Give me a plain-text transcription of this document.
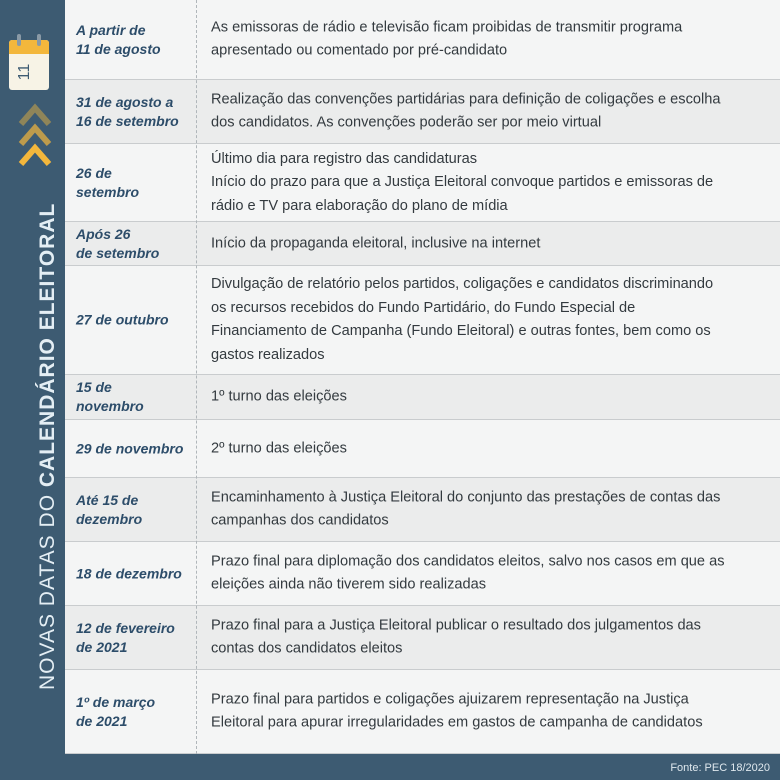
11
NOVAS DATAS DO CALENDÁRIO ELEITORAL
A partir de
11 de agosto
As emissoras de rádio e televisão ficam proibidas de transmitir programa
apresentado ou comentado por pré-candidato
31 de agosto a
16 de setembro
Realização das convenções partidárias para definição de coligações e escolha
dos candidatos. As convenções poderão ser por meio virtual
26 de
setembro
Último dia para registro das candidaturas
Início do prazo para que a Justiça Eleitoral convoque partidos e emissoras de
rádio e TV para elaboração do plano de mídia
Após 26
de setembro
Início da propaganda eleitoral, inclusive na internet
27 de outubro
Divulgação de relatório pelos partidos, coligações e candidatos discriminando
os recursos recebidos do Fundo Partidário, do Fundo Especial de
Financiamento de Campanha (Fundo Eleitoral) e outras fontes, bem como os
gastos realizados
15 de
novembro
1º turno das eleições
29 de novembro	2º turno das eleições
Até 15 de
dezembro
Encaminhamento à Justiça Eleitoral do conjunto das prestações de contas das
campanhas dos candidatos
18 de dezembro
Prazo final para diplomação dos candidatos eleitos, salvo nos casos em que as
eleições ainda não tiverem sido realizadas
12 de fevereiro
de 2021
Prazo final para a Justiça Eleitoral publicar o resultado dos julgamentos das
contas dos candidatos eleitos
1º de março
de 2021
Prazo final para partidos e coligações ajuizarem representação na Justiça
Eleitoral para apurar irregularidades em gastos de campanha de candidatos
Fonte: PEC 18/2020
